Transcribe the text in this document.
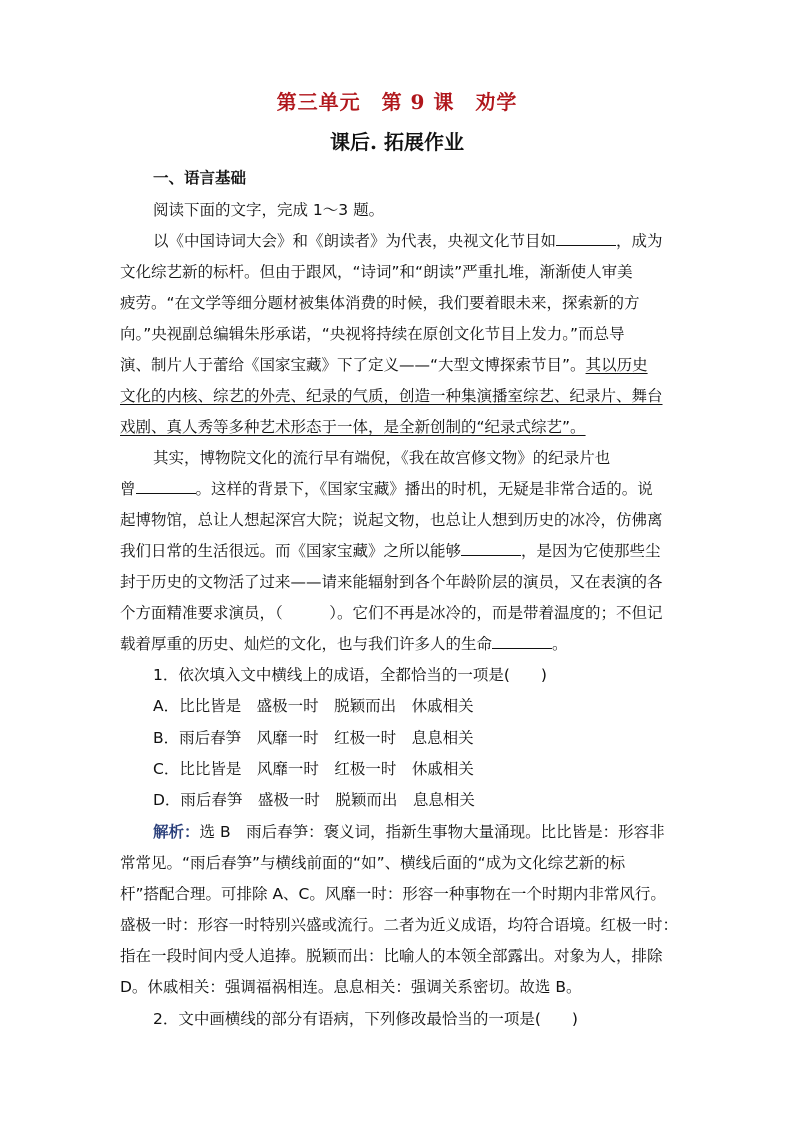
第三单元　第 9 课　劝学
课后. 拓展作业
一、语言基础
阅读下面的文字，完成 1～3 题。
以《中国诗词大会》和《朗读者》为代表，央视文化节目如	，成为
文化综艺新的标杆。但由于跟风，“诗词”和“朗读”严重扎堆，渐渐使人审美
疲劳。“在文学等细分题材被集体消费的时候，我们要着眼未来，探索新的方
向。”央视副总编辑朱彤承诺，“央视将持续在原创文化节目上发力。”而总导
演、制片人于蕾给《国家宝藏》下了定义——“大型文博探索节目”。其以历史
文化的内核、综艺的外壳、纪录的气质，创造一种集演播室综艺、纪录片、舞台
戏剧、真人秀等多种艺术形态于一体，是全新创制的“纪录式综艺”。
其实，博物院文化的流行早有端倪，《我在故宫修文物》的纪录片也
曾	。这样的背景下，《国家宝藏》播出的时机，无疑是非常合适的。说
起博物馆，总让人想起深宫大院；说起文物，也总让人想到历史的冰冷，仿佛离
我们日常的生活很远。而《国家宝藏》之所以能够	，是因为它使那些尘
封于历史的文物活了过来——请来能辐射到各个年龄阶层的演员，又在表演的各
个方面精准要求演员，（　　　）。它们不再是冰冷的，而是带着温度的；不但记
载着厚重的历史、灿烂的文化，也与我们许多人的生命	。
1．依次填入文中横线上的成语，全都恰当的一项是(　　)
A．比比皆是　盛极一时　脱颖而出　休戚相关
B．雨后春笋　风靡一时　红极一时　息息相关
C．比比皆是　风靡一时　红极一时　休戚相关
D．雨后春笋　盛极一时　脱颖而出　息息相关
解析：选 B　雨后春笋：褒义词，指新生事物大量涌现。比比皆是：形容非
常常见。“雨后春笋”与横线前面的“如”、横线后面的“成为文化综艺新的标
杆”搭配合理。可排除 A、C。风靡一时：形容一种事物在一个时期内非常风行。
盛极一时：形容一时特别兴盛或流行。二者为近义成语，均符合语境。红极一时：
指在一段时间内受人追捧。脱颖而出：比喻人的本领全部露出。对象为人，排除
D。休戚相关：强调福祸相连。息息相关：强调关系密切。故选 B。
2．文中画横线的部分有语病，下列修改最恰当的一项是(　　)
